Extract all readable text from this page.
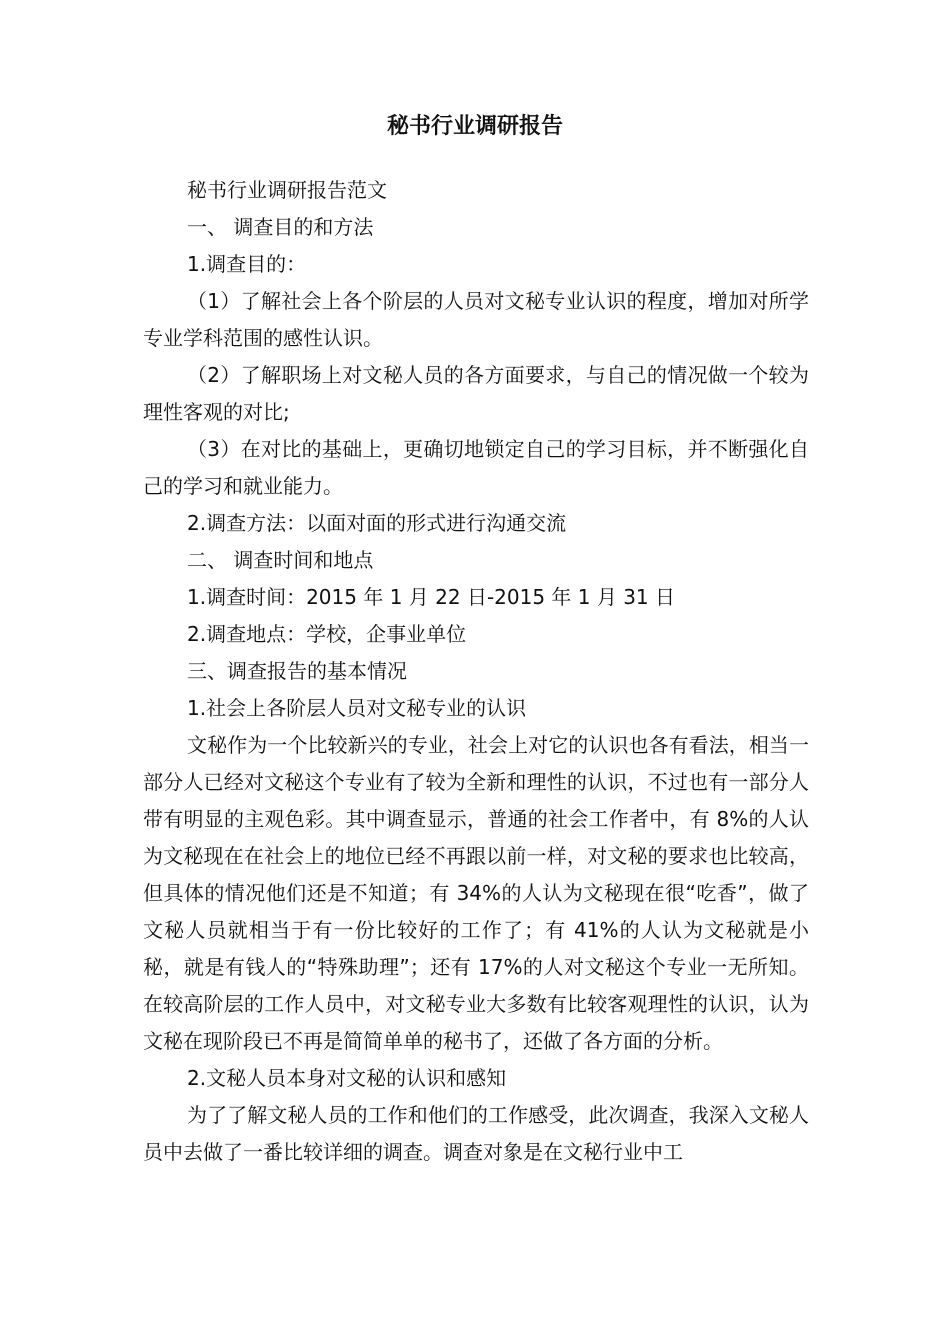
秘书行业调研报告

秘书行业调研报告范文

一、 调查目的和方法

1.调查目的：

（1）了解社会上各个阶层的人员对文秘专业认识的程度，增加对所学专业学科范围的感性认识。

（2）了解职场上对文秘人员的各方面要求，与自己的情况做一个较为理性客观的对比;

（3）在对比的基础上，更确切地锁定自己的学习目标，并不断强化自己的学习和就业能力。

2.调查方法：以面对面的形式进行沟通交流

二、 调查时间和地点

1.调查时间：2015 年 1 月 22 日-2015 年 1 月 31 日

2.调查地点：学校，企事业单位

三、调查报告的基本情况

1.社会上各阶层人员对文秘专业的认识

文秘作为一个比较新兴的专业，社会上对它的认识也各有看法，相当一部分人已经对文秘这个专业有了较为全新和理性的认识，不过也有一部分人带有明显的主观色彩。其中调查显示，普通的社会工作者中，有 8%的人认为文秘现在在社会上的地位已经不再跟以前一样，对文秘的要求也比较高，但具体的情况他们还是不知道；有 34%的人认为文秘现在很“吃香”，做了文秘人员就相当于有一份比较好的工作了；有 41%的人认为文秘就是小秘，就是有钱人的“特殊助理”；还有 17%的人对文秘这个专业一无所知。在较高阶层的工作人员中，对文秘专业大多数有比较客观理性的认识，认为文秘在现阶段已不再是简简单单的秘书了，还做了各方面的分析。

2.文秘人员本身对文秘的认识和感知

为了了解文秘人员的工作和他们的工作感受，此次调查，我深入文秘人员中去做了一番比较详细的调查。调查对象是在文秘行业中工
